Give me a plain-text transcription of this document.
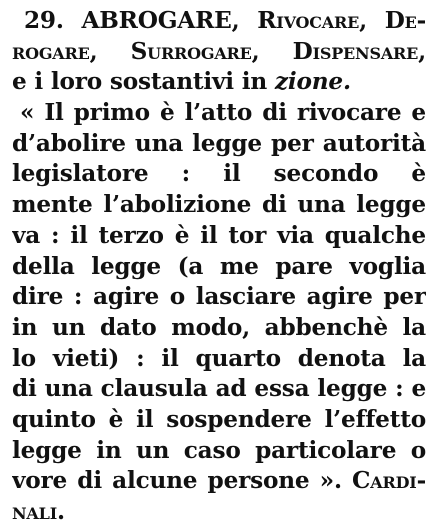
29. ABROGARE, Rivocare, De-
rogare, Surrogare, Dispensare,
e i loro sostantivi in zione.
« Il primo è l’atto di rivocare e
d’abolire una legge per autorità
legislatore : il secondo è
mente l’abolizione di una legge
va : il terzo è il tor via qualche
della legge (a me pare voglia
dire : agire o lasciare agire per
in un dato modo, abbenchè la
lo vieti) : il quarto denota la
di una clausula ad essa legge : e
quinto è il sospendere l’effetto
legge in un caso particolare o
vore di alcune persone ». Cardi-
nali.
